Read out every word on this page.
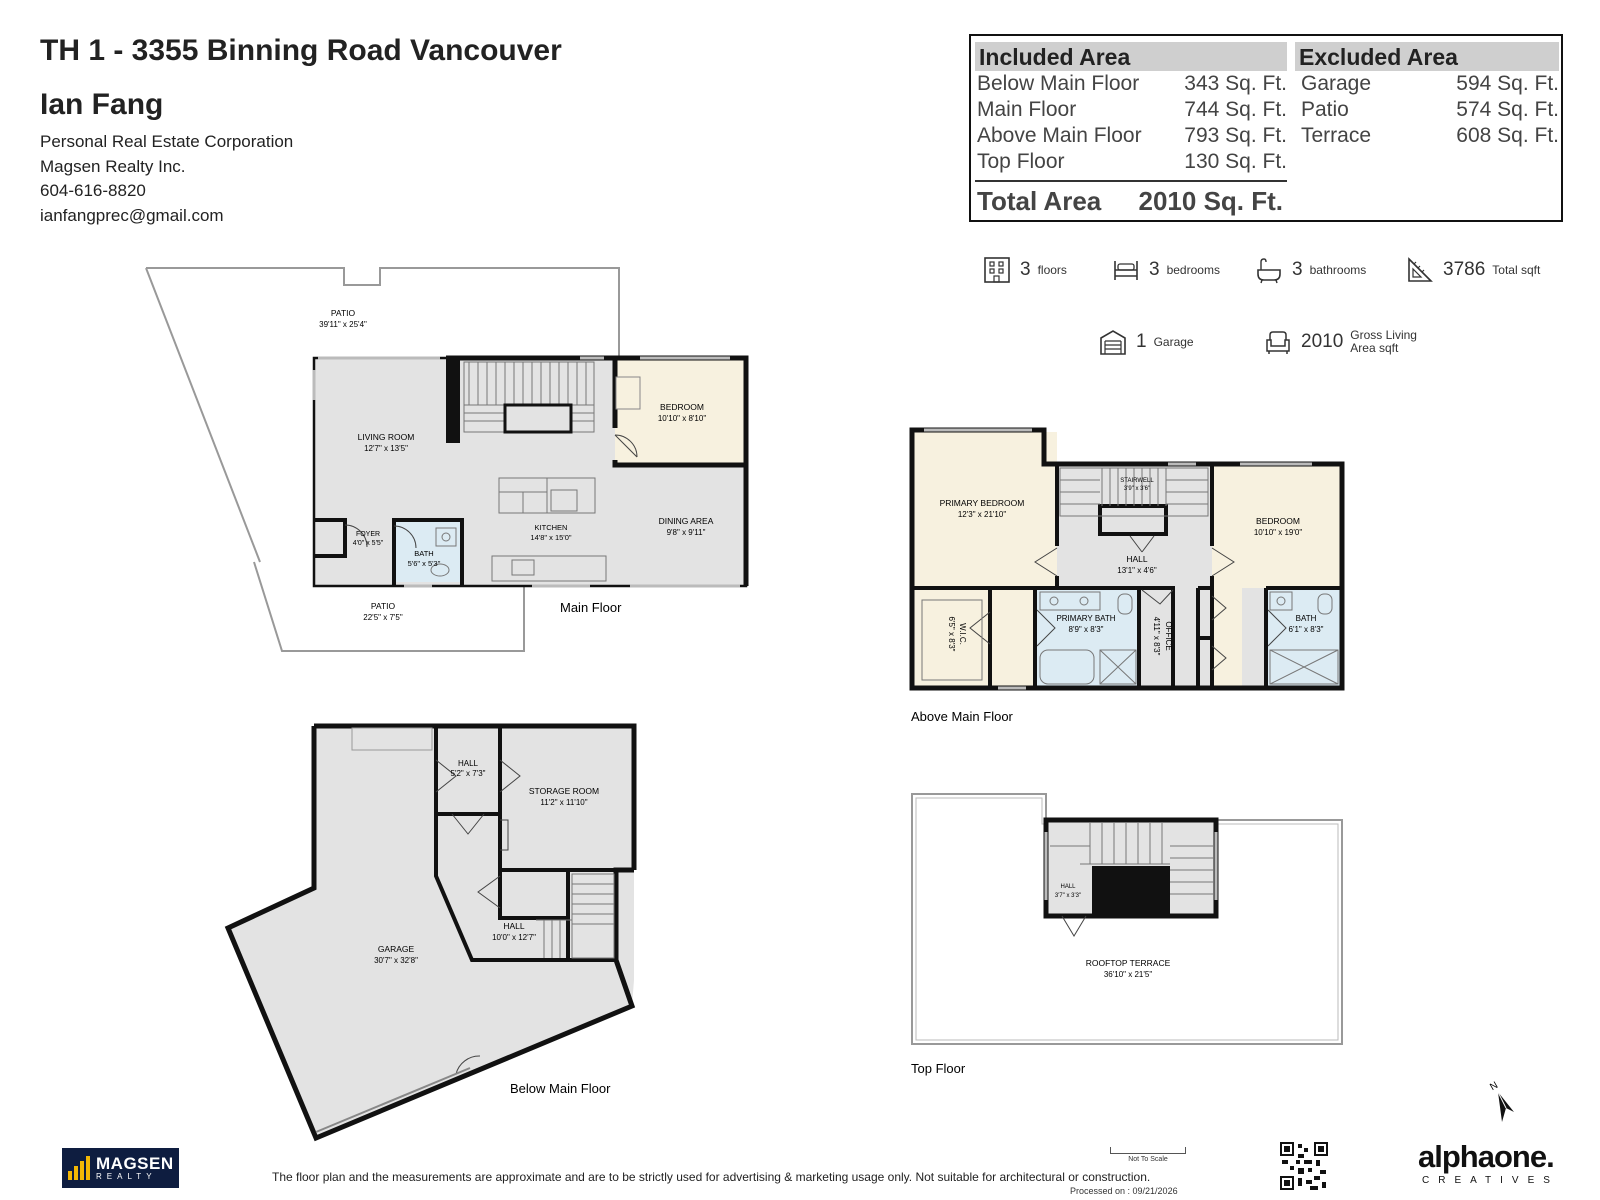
TH 1 - 3355 Binning Road Vancouver
Ian Fang
Personal Real Estate Corporation
Magsen Realty Inc.
604-616-8820
ianfangprec@gmail.com
Included Area
Below Main Floor 343 Sq. Ft.
Main Floor	744 Sq. Ft.
Above Main Floor 793 Sq. Ft.
Top Floor	130 Sq. Ft.
Total Area 2010 Sq. Ft.
Excluded Area
Garage	594 Sq. Ft.
Patio	574 Sq. Ft.
Terrace	608 Sq. Ft.
3 floors	3 bedrooms	3 bathrooms	3786 Total sqft
1 Garage	2010 Gross Living
Area sqft
PATIO
39'11" x 25'4"
LIVING ROOM
12'7" x 13'5"
BEDROOM
10'10" x 8'10"
KITCHEN
14'8" x 15'0"
DINING AREA
9'8" x 9'11"
FOYER
4'0" x 5'5"
BATH
5'6" x 5'3"
PATIO
22'5" x 7'5"
Main Floor
PRIMARY BEDROOM
12'3" x 21'10"
STAIRWELL
3'9" x 3'6"
HALL
13'1" x 4'6"
BEDROOM
10'10" x 19'0"
W.I.C.
6'5" x 8'3"	PRIMARY BATH
8'9" x 8'3"	OFFICE
4'11" x 8'3"	BATH
6'1" x 8'3"
Above Main Floor
HALL
5'2" x 7'3"
STORAGE ROOM
11'2" x 11'10"
HALL
10'0" x 12'7"
GARAGE
30'7" x 32'8"
Below Main Floor
HALL
3'7" x 3'3"
ROOFTOP TERRACE
36'10" x 21'5"
Top Floor
N
MAGSEN
REALTY
Not To Scale
The floor plan and the measurements are approximate and are to be strictly used for advertising & marketing usage only. Not suitable for architectural or construction.
Processed on : 09/21/2026
alphaone.
CREATIVES
